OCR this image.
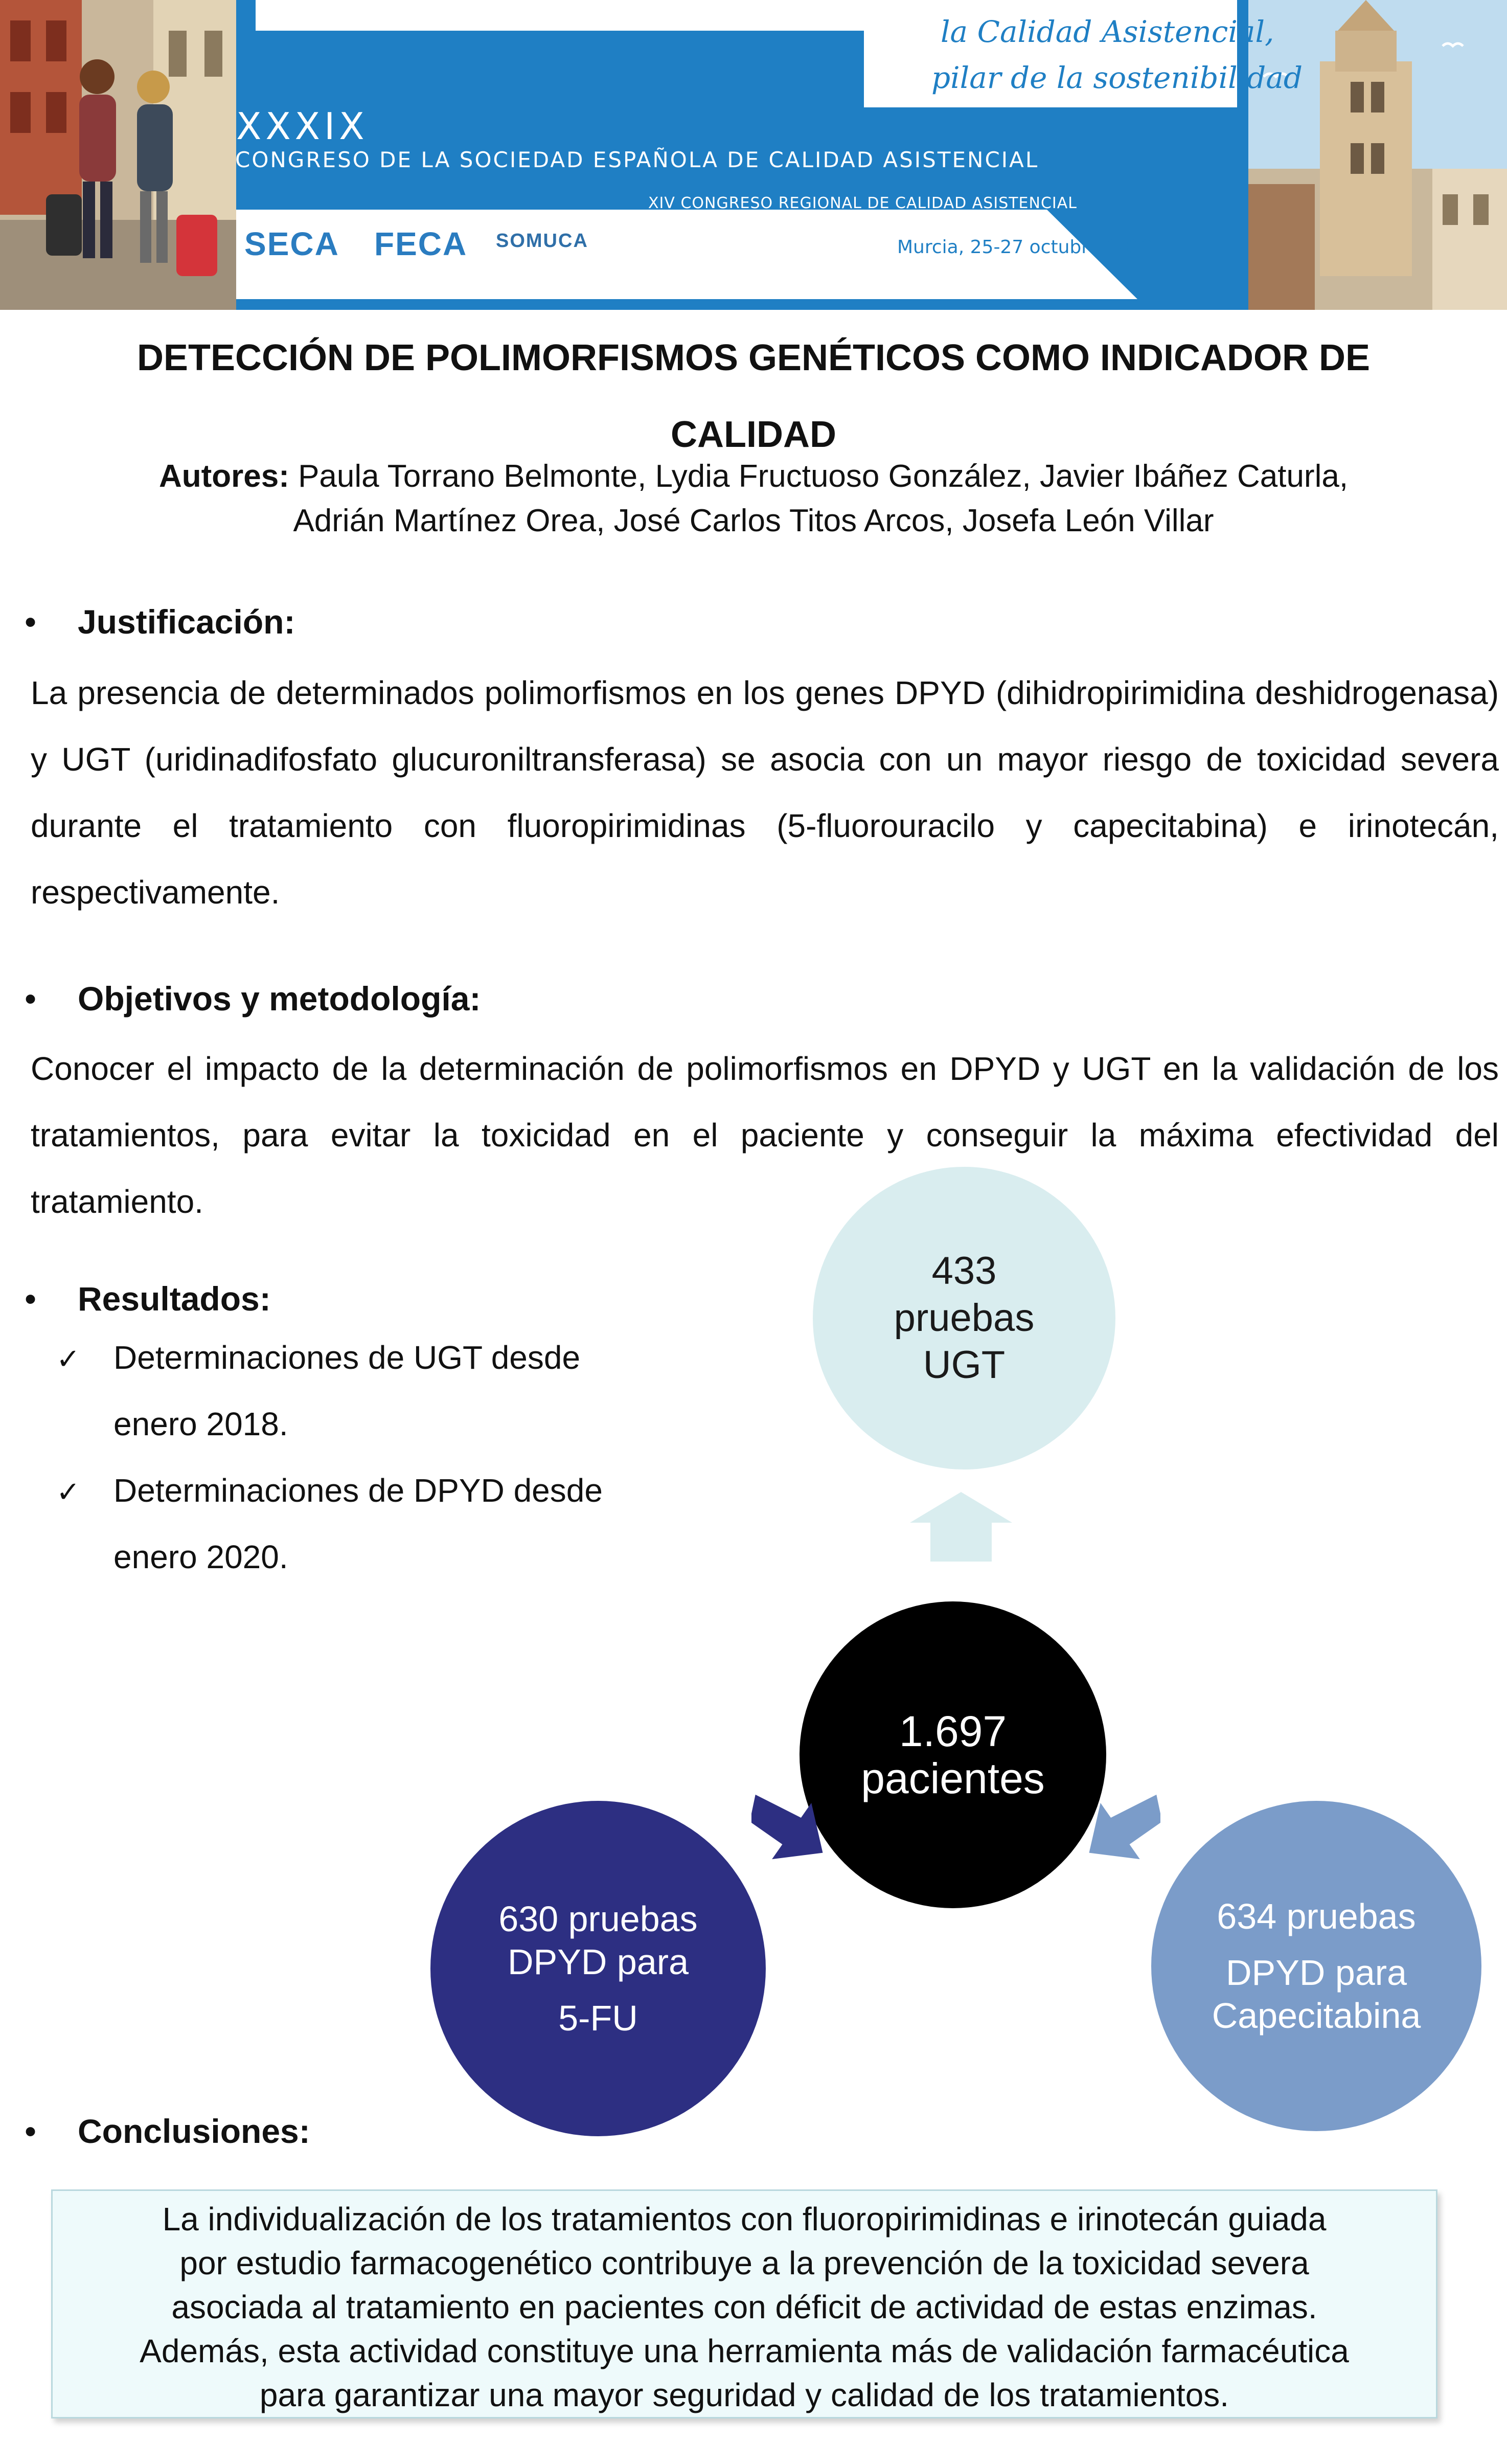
XXXIX
CONGRESO DE LA SOCIEDAD ESPAÑOLA DE CALIDAD ASISTENCIAL
XIV CONGRESO REGIONAL DE CALIDAD ASISTENCIAL
la Calidad Asistencial,
pilar de la sostenibilidad
SECA FECA SOMUCA	Murcia, 25-27 octubre 2023
DETECCIÓN DE POLIMORFISMOS GENÉTICOS COMO INDICADOR DE CALIDAD
Autores: Paula Torrano Belmonte, Lydia Fructuoso González, Javier Ibáñez Caturla,
Adrián Martínez Orea, José Carlos Titos Arcos, Josefa León Villar
• Justificación:
La presencia de determinados polimorfismos en los genes DPYD (dihidropirimidina deshidrogenasa) y UGT (uridinadifosfato glucuroniltransferasa) se asocia con un mayor riesgo de toxicidad severa durante el tratamiento con fluoropirimidinas (5-fluorouracilo y capecitabina) e irinotecán, respectivamente.
• Objetivos y metodología:
Conocer el impacto de la determinación de polimorfismos en DPYD y UGT en la validación de los tratamientos, para evitar la toxicidad en el paciente y conseguir la máxima efectividad del tratamiento.
• Resultados:
✓ Determinaciones de UGT desde
enero 2018.
✓ Determinaciones de DPYD desde
enero 2020.
433
pruebas
UGT
1.697
pacientes
630 pruebas
DPYD para
5-FU
634 pruebas
DPYD para
Capecitabina
• Conclusiones:
La individualización de los tratamientos con fluoropirimidinas e irinotecán guiada
por estudio farmacogenético contribuye a la prevención de la toxicidad severa
asociada al tratamiento en pacientes con déficit de actividad de estas enzimas.
Además, esta actividad constituye una herramienta más de validación farmacéutica
para garantizar una mayor seguridad y calidad de los tratamientos.
